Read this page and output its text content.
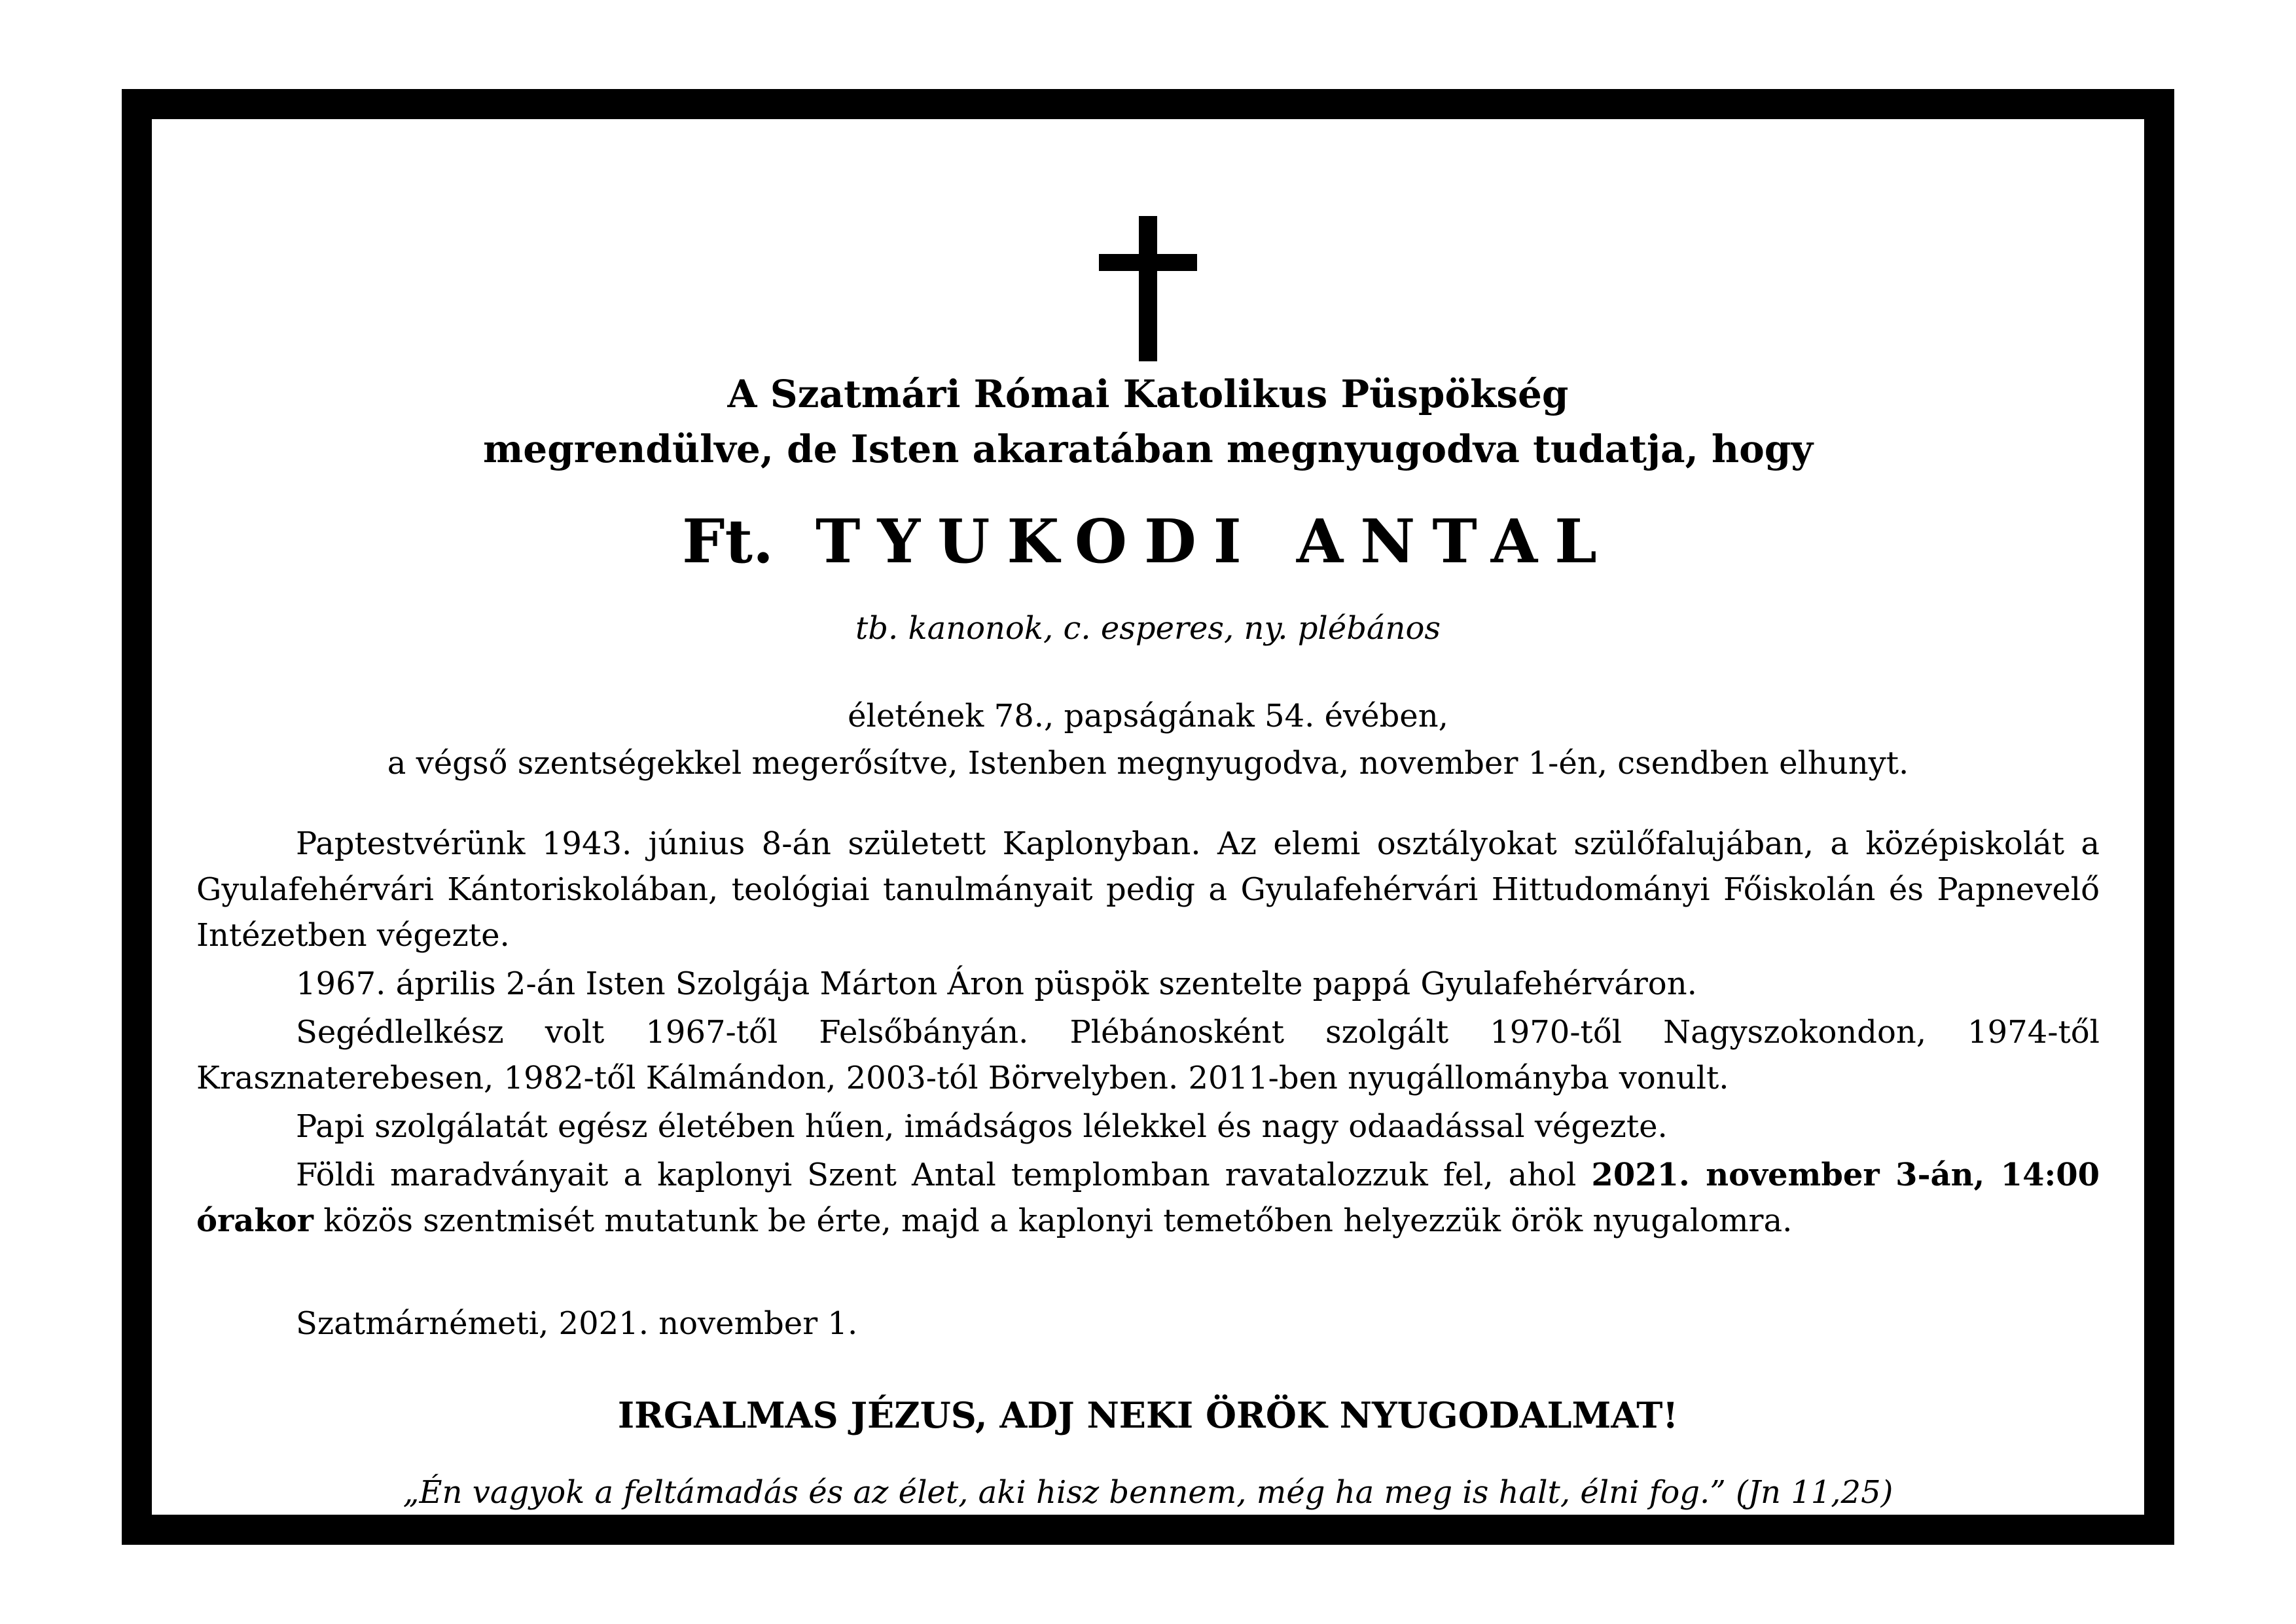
A Szatmári Római Katolikus Püspökség
megrendülve, de Isten akaratában megnyugodva tudatja, hogy
Ft. TYUKODI ANTAL
tb. kanonok, c. esperes, ny. plébános
életének 78., papságának 54. évében,
a végső szentségekkel megerősítve, Istenben megnyugodva, november 1-én, csendben elhunyt.

Paptestvérünk 1943. június 8-án született Kaplonyban. Az elemi osztályokat szülőfalujában, a középiskolát a Gyulafehérvári Kántoriskolában, teológiai tanulmányait pedig a Gyulafehérvári Hittudományi Főiskolán és Papnevelő Intézetben végezte.

1967. április 2-án Isten Szolgája Márton Áron püspök szentelte pappá Gyulafehérváron.

Segédlelkész volt 1967-től Felsőbányán. Plébánosként szolgált 1970-től Nagyszokondon, 1974-től Krasznaterebesen, 1982-től Kálmándon, 2003-tól Börvelyben. 2011-ben nyugállományba vonult.

Papi szolgálatát egész életében hűen, imádságos lélekkel és nagy odaadással végezte.

Földi maradványait a kaplonyi Szent Antal templomban ravatalozzuk fel, ahol 2021. november 3-án, 14:00 órakor közös szentmisét mutatunk be érte, majd a kaplonyi temetőben helyezzük örök nyugalomra.

Szatmárnémeti, 2021. november 1.
IRGALMAS JÉZUS, ADJ NEKI ÖRÖK NYUGODALMAT!
„Én vagyok a feltámadás és az élet, aki hisz bennem, még ha meg is halt, élni fog.” (Jn 11,25)
